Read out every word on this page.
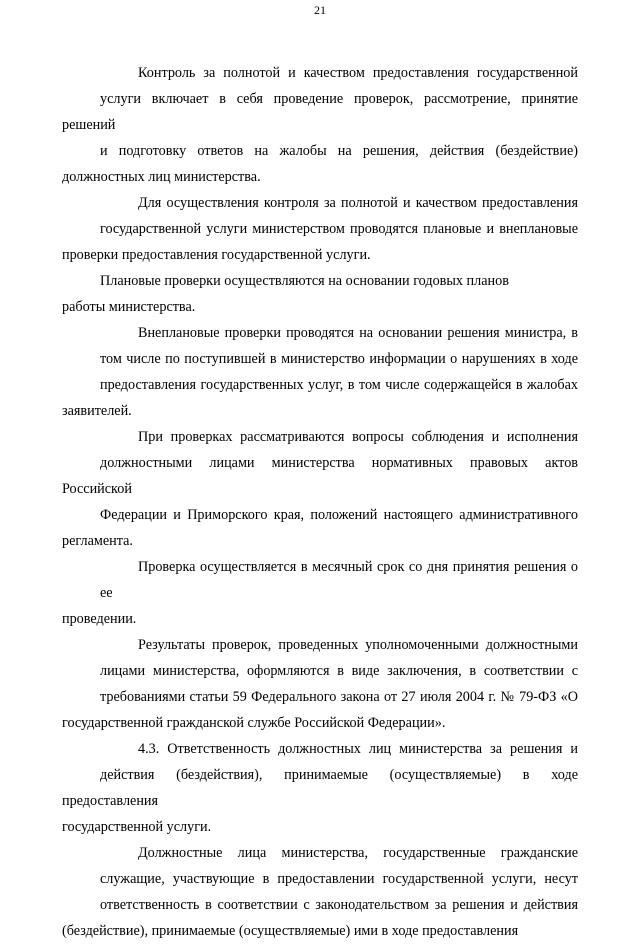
21

Контроль за полнотой и качеством предоставления государственной
услуги включает в себя проведение проверок, рассмотрение, принятие решений
и подготовку ответов на жалобы на решения, действия (бездействие)
должностных лиц министерства.

Для осуществления контроля за полнотой и качеством предоставления
государственной услуги министерством проводятся плановые и внеплановые
проверки предоставления государственной услуги.

Плановые проверки осуществляются на основании годовых планов
работы министерства.

Внеплановые проверки проводятся на основании решения министра, в
том числе по поступившей в министерство информации о нарушениях в ходе
предоставления государственных услуг, в том числе содержащейся в жалобах
заявителей.

При проверках рассматриваются вопросы соблюдения и исполнения
должностными лицами министерства нормативных правовых актов Российской
Федерации и Приморского края, положений настоящего административного
регламента.

Проверка осуществляется в месячный срок со дня принятия решения о ее
проведении.

Результаты проверок, проведенных уполномоченными должностными
лицами министерства, оформляются в виде заключения, в соответствии с
требованиями статьи 59 Федерального закона от 27 июля 2004 г. № 79-ФЗ «О
государственной гражданской службе Российской Федерации».

4.3. Ответственность должностных лиц министерства за решения и
действия (бездействия), принимаемые (осуществляемые) в ходе предоставления
государственной услуги.

Должностные лица министерства, государственные гражданские
служащие, участвующие в предоставлении государственной услуги, несут
ответственность в соответствии с законодательством за решения и действия
(бездействие), принимаемые (осуществляемые) ими в ходе предоставления
